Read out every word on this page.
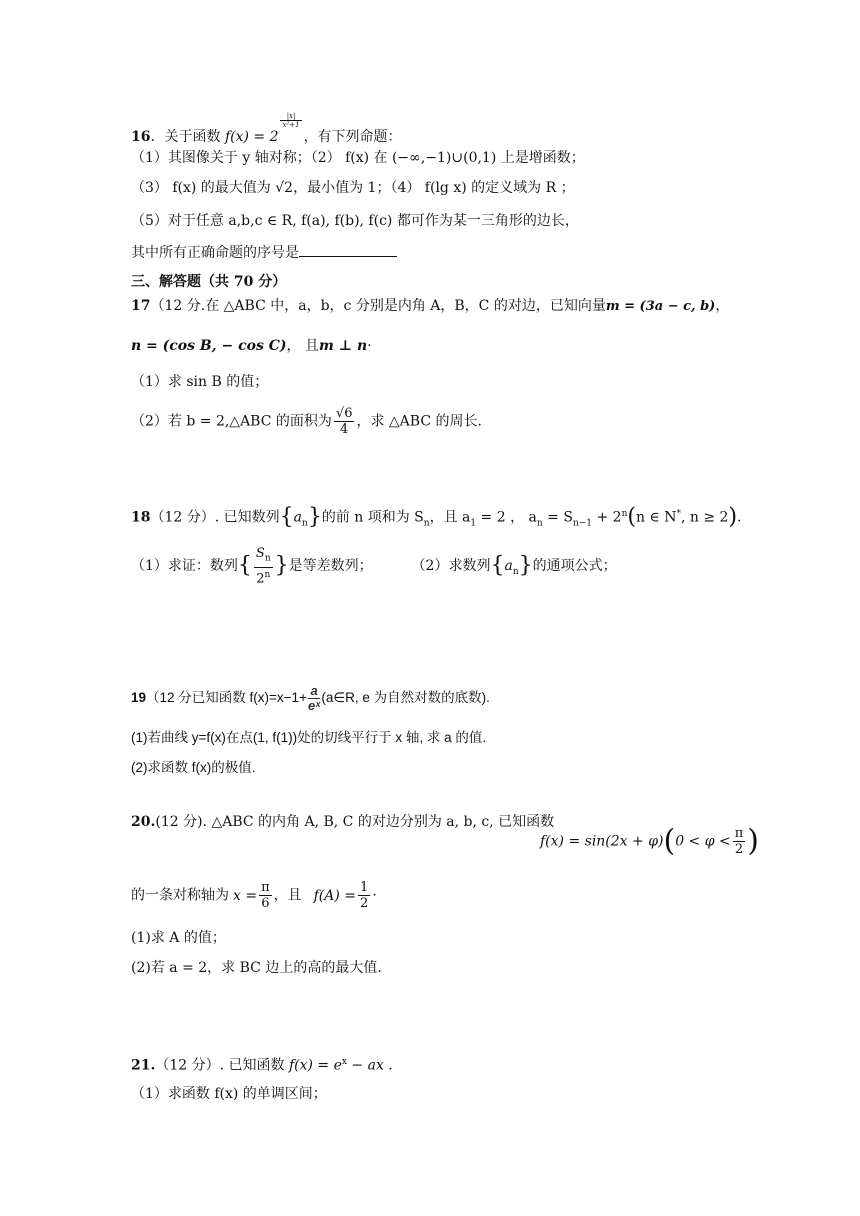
16．关于函数 f(x) = 2
$\frac{|x|}{\text{x²+1}}$
，有下列命题：
（1）其图像关于 y 轴对称；（2） f(x) 在 (−∞,−1)∪(0,1) 上是增函数；
（3） f(x) 的最大值为 √2，最小值为 1；（4） f(lg x) 的定义域为 R ；
（5）对于任意 a,b,c ∈ R, f(a), f(b), f(c) 都可作为某一三角形的边长，
其中所有正确命题的序号是
三、解答题（共 70 分）
17（12 分.在 △ABC 中，a，b，c 分别是内角 A，B，C 的对边，已知向量m = (3a − c, b)，
n = (cos B, − cos C)， 且m ⊥ n·
（1）求 sin B 的值；
（2）若 b = 2,△ABC 的面积为 $\frac{√6}{4}$ ，求 △ABC 的周长.
18（12 分）. 已知数列$\{a_n\}$的前 n 项和为 $S_n$，且 $a_1 = 2$ ， $a_n = S_{n-1} + 2^n(n$ ∈ N*, n ≥ 2).
（1）求证：数列{ $\frac{S_n}{2^n}$ }是等差数列；	（2）求数列$\{a_n\}$的通项公式；
19（12 分已知函数 $f(x)=x-1+ \frac{a}{\text{eˣ}}$ (a∈R, e 为自然对数的底数).
(1)若曲线 y=f(x)在点(1, f(1))处的切线平行于 x 轴, 求 a 的值.
(2)求函数 f(x)的极值.
20.(12 分). △ABC 的内角 A, B, C 的对边分别为 a, b, c, 已知函数
$f(x) = \sin(2x + \varphi)(0 < \varphi < \frac{\pi}{2}$ )
的一条对称轴为 $x = \frac{\pi}{6}$ ，且 $f(A) = \frac{1}{2}$ ·
(1)求 A 的值；
(2)若 a = 2，求 BC 边上的高的最大值.
21.（12 分）. 已知函数 $f(x) = e^x$ − ax .
（1）求函数 f(x) 的单调区间；
